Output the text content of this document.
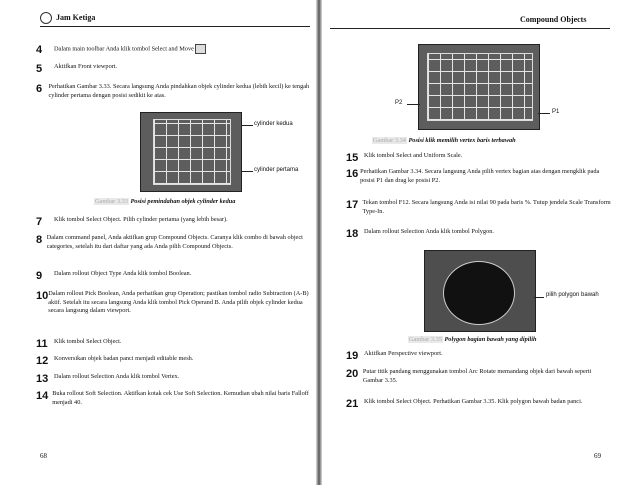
Jam Ketiga
4	Dalam main toolbar Anda klik tombol Select and Move
5	Aktifkan Front viewport.
6	Perhatikan Gambar 3.33. Secara langsung Anda pindahkan objek cylinder kedua (lebih kecil) ke tengah cylinder pertama dengan posisi sedikit ke atas.
cylinder kedua
cylinder pertama
Gambar 3.33 Posisi pemindahan objek cylinder kedua
7	Klik tombol Select Object. Pilih cylinder pertama (yang lebih besar).
8 Dalam command panel, Anda aktifkan grup Compound Objects. Caranya klik combo di bawah object categories, setelah itu dari daftar yang ada Anda pilih Compound Objects.
9	Dalam rollout Object Type Anda klik tombol Boolean.
10 Dalam rollout Pick Boolean, Anda perhatikan grup Operation; pastikan tombol radio Subtraction (A-B) aktif. Setelah itu secara langsung Anda klik tombol Pick Operand B. Anda pilih objek cylinder kedua secara langsung dalam viewport.
11	Klik tombol Select Object.
12 Konversikan objek badan panci menjadi editable mesh.
13 Dalam rollout Selection Anda klik tombol Vertex.
14 Buka rollout Soft Selection. Aktifkan kotak cek Use Soft Selection. Kemudian ubah nilai baris Falloff menjadi 40.
68
Compound Objects
P2
P1
Gambar 3.34 Posisi klik memilih vertex baris terbawah
15 Klik tombol Select and Uniform Scale.
16 Perhatikan Gambar 3.34. Secara langsung Anda pilih vertex bagian atas dengan mengklik pada posisi P1 dan drag ke posisi P2.
17 Tekan tombol F12. Secara langsung Anda isi nilai 90 pada baris %. Tutup jendela Scale Transform Type-In.
18 Dalam rollout Selection Anda klik tombol Polygon.
pilih polygon bawah
Gambar 3.35 Polygon bagian bawah yang dipilih
19 Aktifkan Perspective viewport.
20 Putar titik pandang menggunakan tombol Arc Rotate memandang objek dari bawah seperti Gambar 3.35.
21 Klik tombol Select Object. Perhatikan Gambar 3.35. Klik polygon bawah badan panci.
69
